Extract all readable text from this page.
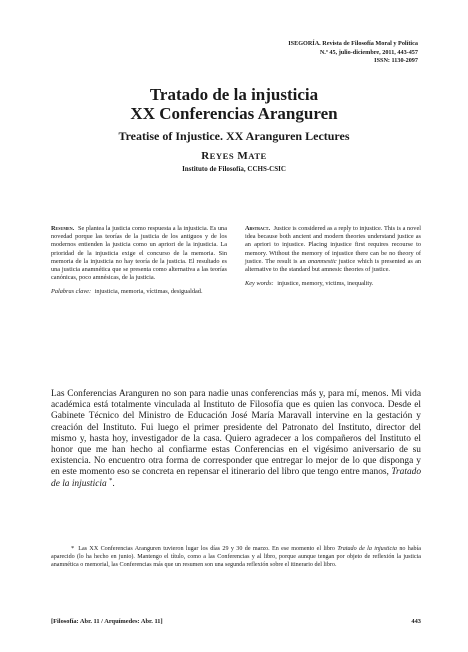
ISEGORÍA. Revista de Filosofía Moral y Política
N.º 45, julio-diciembre, 2011, 443-457
ISSN: 1130-2097
Tratado de la injusticia
XX Conferencias Aranguren
Treatise of Injustice. XX Aranguren Lectures
REYES MATE
Instituto de Filosofía, CCHS-CSIC
Resumen. Se plantea la justicia como respuesta a la injusticia. Es una novedad porque las teorías de la justicia de los antiguos y de los modernos entienden la justicia como un apriori de la injusticia. La prioridad de la injusticia exige el concurso de la memoria. Sin memoria de la injusticia no hay teoría de la justicia. El resultado es una justicia anamnética que se presenta como alternativa a las teorías canónicas, poco amnésicas, de la justicia.
Palabras clave: injusticia, memoria, víctimas, desigualdad.
Abstract. Justice is considered as a reply to injustice. This is a novel idea because both ancient and modern theories understand justice as an apriori to injustice. Placing injustice first requires recourse to memory. Without the memory of injustice there can be no theory of justice. The result is an anamnestic justice which is presented as an alternative to the standard but amnesic theories of justice.
Key words: injustice, memory, victims, inequality.
Las Conferencias Aranguren no son para nadie unas conferencias más y, para mí, menos. Mi vida académica está totalmente vinculada al Instituto de Filosofía que es quien las convoca. Desde el Gabinete Técnico del Ministro de Educación José María Maravall intervine en la gestación y creación del Instituto. Fui luego el primer presidente del Patronato del Instituto, director del mismo y, hasta hoy, investigador de la casa. Quiero agradecer a los compañeros del Instituto el honor que me han hecho al confiarme estas Conferencias en el vigésimo aniversario de su existencia. No encuentro otra forma de corresponder que entregar lo mejor de lo que disponga y en este momento eso se concreta en repensar el itinerario del libro que tengo entre manos, Tratado de la injusticia *.
* Las XX Conferencias Aranguren tuvieron lugar los días 29 y 30 de marzo. En ese momento el libro Tratado de la injusticia no había aparecido (lo ha hecho en junio). Mantengo el título, como a las Conferencias y al libro, porque aunque tengan por objeto de reflexión la justicia anamnética o memorial, las Conferencias más que un resumen son una segunda reflexión sobre el itinerario del libro.
[Filosofía: Abr. 11 / Arquímedes: Abr. 11]	443
